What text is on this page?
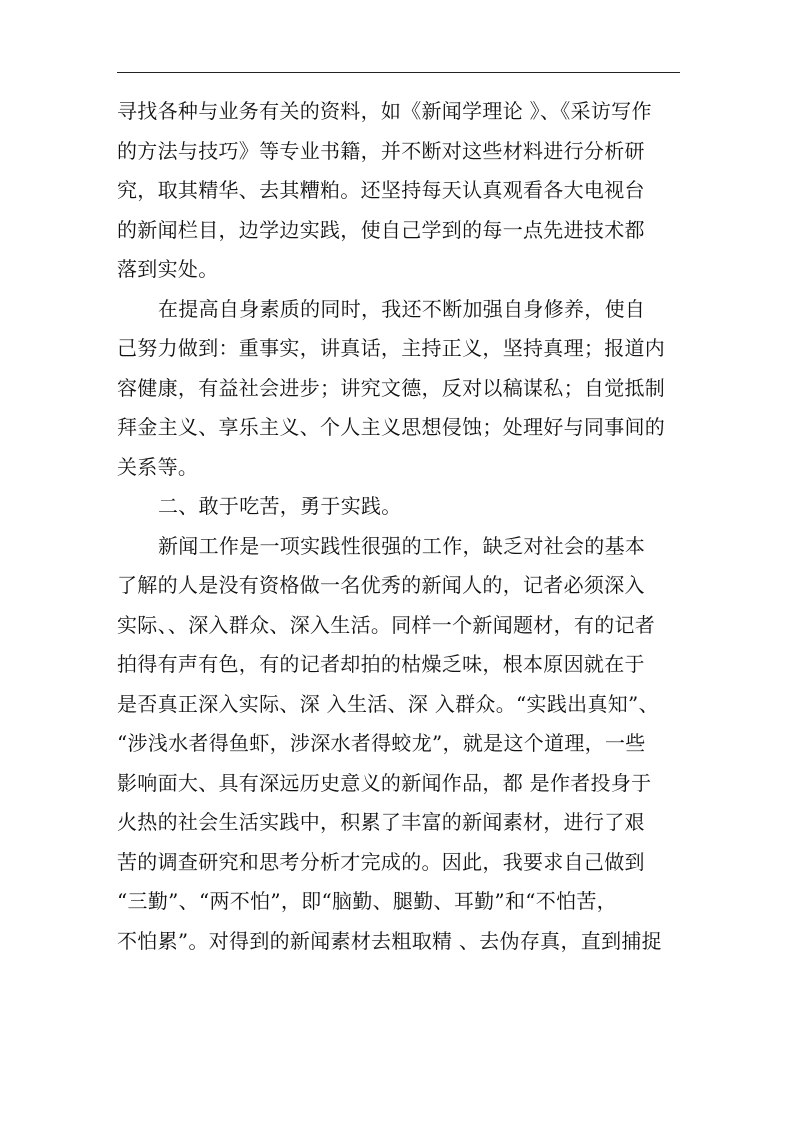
寻找各种与业务有关的资料，如《新闻学理论 》、《采访写作
的方法与技巧》等专业书籍，并不断对这些材料进行分析研
究，取其精华、去其糟粕。还坚持每天认真观看各大电视台
的新闻栏目，边学边实践，使自己学到的每一点先进技术都
落到实处。
在提高自身素质的同时，我还不断加强自身修养，使自
己努力做到：重事实，讲真话，主持正义，坚持真理；报道内
容健康，有益社会进步；讲究文德，反对以稿谋私；自觉抵制
拜金主义、享乐主义、个人主义思想侵蚀；处理好与同事间的
关系等。
二、敢于吃苦，勇于实践。
新闻工作是一项实践性很强的工作，缺乏对社会的基本
了解的人是没有资格做一名优秀的新闻人的，记者必须深入
实际、、深入群众、深入生活。同样一个新闻题材，有的记者
拍得有声有色，有的记者却拍的枯燥乏味，根本原因就在于
是否真正深入实际、深 入生活、深 入群众。“实践出真知”、
“涉浅水者得鱼虾，涉深水者得蛟龙”，就是这个道理，一些
影响面大、具有深远历史意义的新闻作品，都 是作者投身于
火热的社会生活实践中，积累了丰富的新闻素材，进行了艰
苦的调查研究和思考分析才完成的。因此，我要求自己做到
“三勤”、“两不怕”，即“脑勤、腿勤、耳勤”和“不怕苦，
不怕累”。对得到的新闻素材去粗取精 、去伪存真，直到捕捉
